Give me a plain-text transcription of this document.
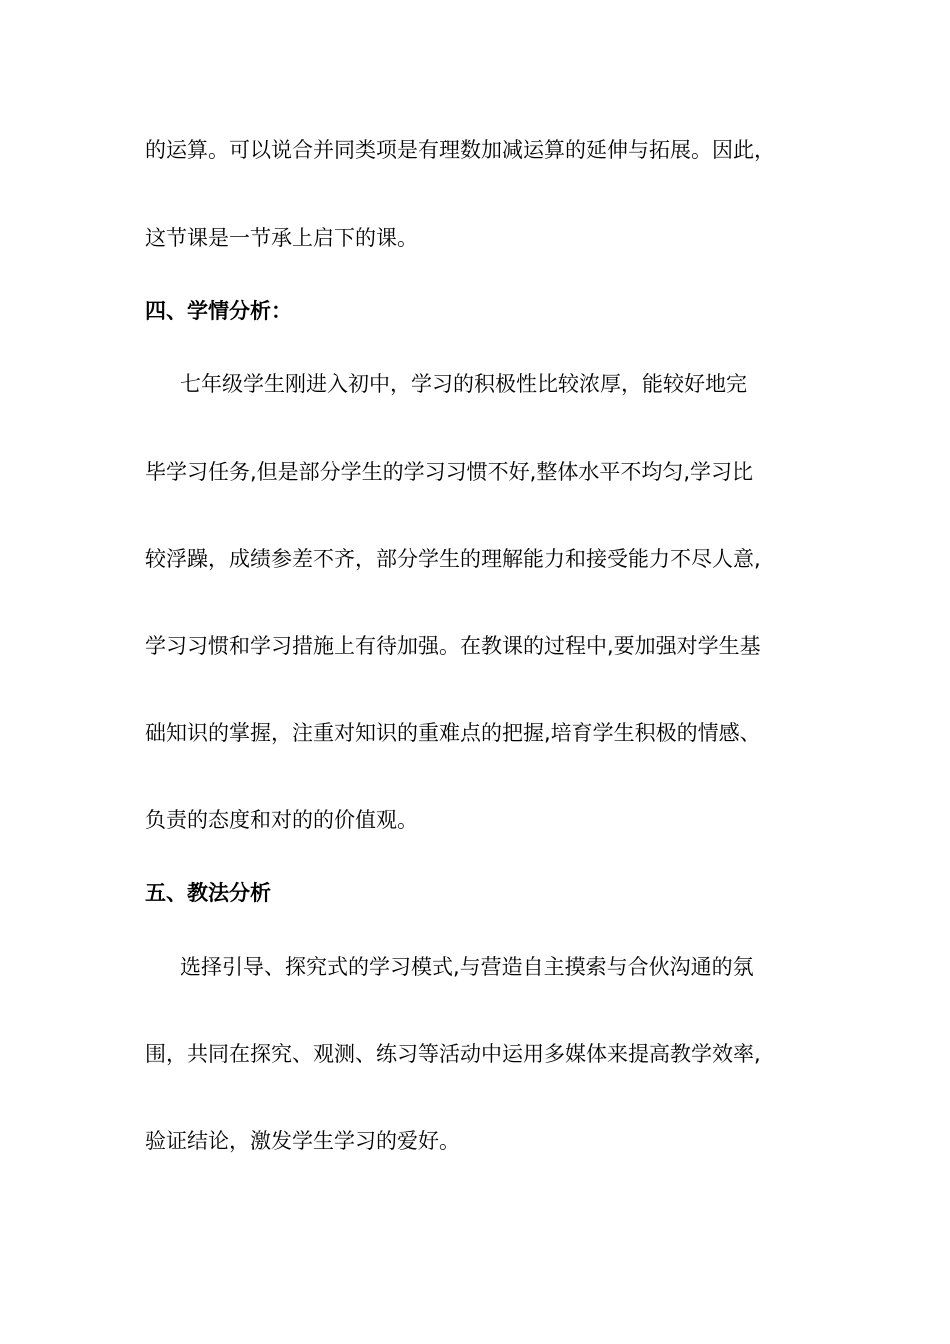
的运算。可以说合并同类项是有理数加减运算的延伸与拓展。因此，
这节课是一节承上启下的课。
四、学情分析：
七年级学生刚进入初中，学习的积极性比较浓厚，能较好地完
毕学习任务,但是部分学生的学习习惯不好,整体水平不均匀,学习比
较浮躁，成绩参差不齐，部分学生的理解能力和接受能力不尽人意,
学习习惯和学习措施上有待加强。在教课的过程中,要加强对学生基
础知识的掌握，注重对知识的重难点的把握,培育学生积极的情感、
负责的态度和对的的价值观。
五、教法分析
选择引导、探究式的学习模式,与营造自主摸索与合伙沟通的氛
围，共同在探究、观测、练习等活动中运用多媒体来提高教学效率,
验证结论，激发学生学习的爱好。
